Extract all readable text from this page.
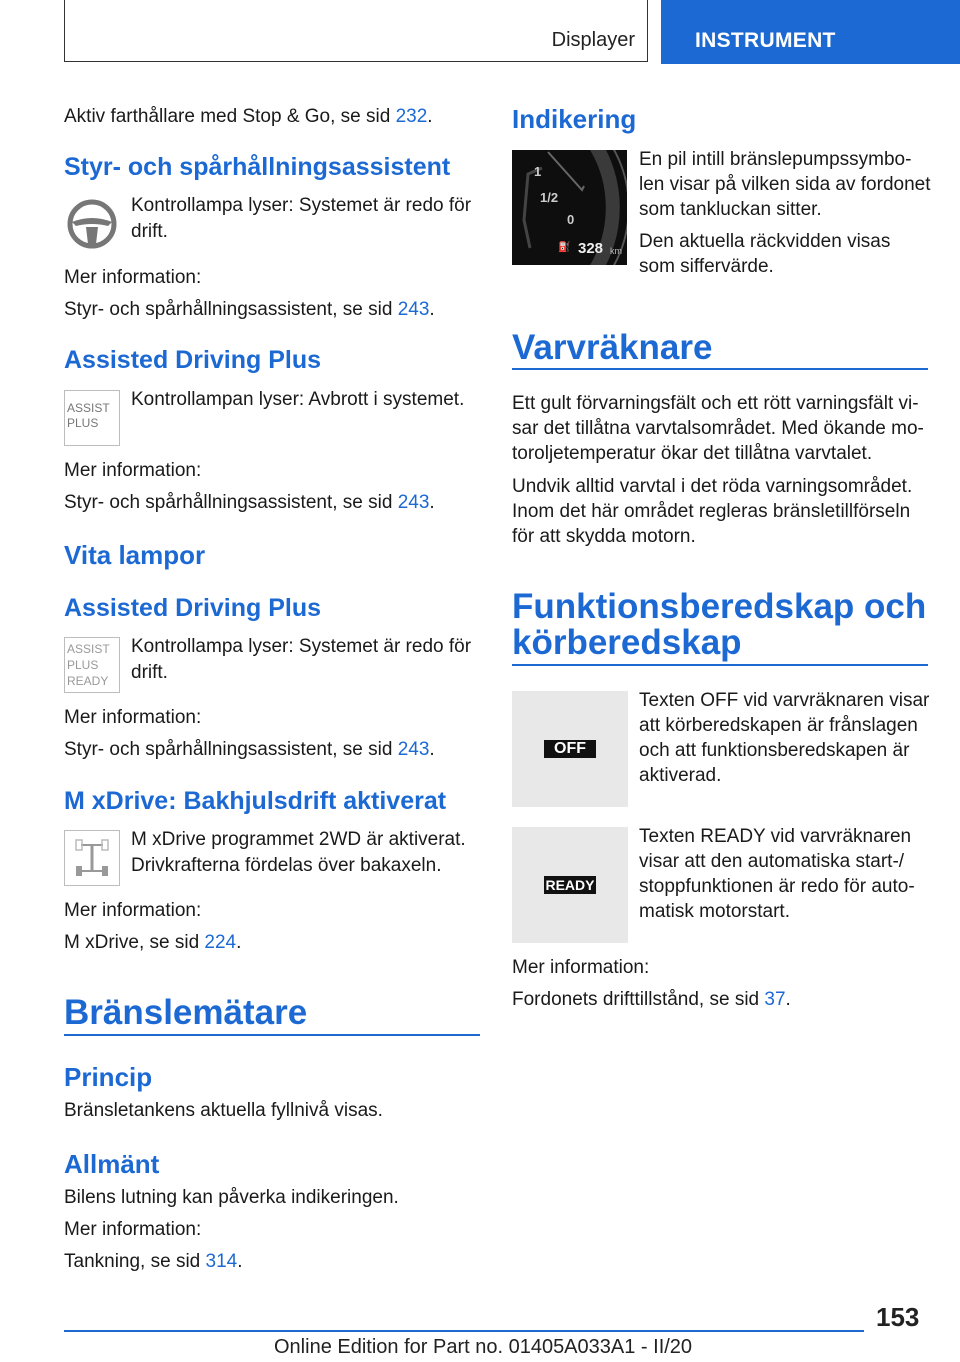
Displayer	INSTRUMENT
Aktiv farthållare med Stop & Go, se sid 232.
Styr- och spårhållningsassistent
Kontrollampa lyser: Systemet är redo för
drift.
Mer information:
Styr- och spårhållningsassistent, se sid 243.
Assisted Driving Plus
ASSIST
PLUS
Kontrollampan lyser: Avbrott i systemet.
Mer information:
Styr- och spårhållningsassistent, se sid 243.
Vita lampor
Assisted Driving Plus
ASSIST
PLUS
READY
Kontrollampa lyser: Systemet är redo för
drift.
Mer information:
Styr- och spårhållningsassistent, se sid 243.
M xDrive: Bakhjulsdrift aktiverat
M xDrive programmet 2WD är aktiverat.
Drivkrafterna fördelas över bakaxeln.
Mer information:
M xDrive, se sid 224.
Bränslemätare
Princip
Bränsletankens aktuella fyllnivå visas.
Allmänt
Bilens lutning kan påverka indikeringen.
Mer information:
Tankning, se sid 314.
Indikering
1
1/2
0
⛽ 328 km
En pil intill bränslepumpssymbo-
len visar på vilken sida av fordonet
som tankluckan sitter.
Den aktuella räckvidden visas
som siffervärde.
Varvräknare
Ett gult förvarningsfält och ett rött varningsfält vi-
sar det tillåtna varvtalsområdet. Med ökande mo-
toroljetemperatur ökar det tillåtna varvtalet.
Undvik alltid varvtal i det röda varningsområdet.
Inom det här området regleras bränsletillförseln
för att skydda motorn.
Funktionsberedskap och
körberedskap
OFF
Texten OFF vid varvräknaren visar
att körberedskapen är frånslagen
och att funktionsberedskapen är
aktiverad.
READY
Texten READY vid varvräknaren
visar att den automatiska start-/
stoppfunktionen är redo för auto-
matisk motorstart.
Mer information:
Fordonets drifttillstånd, se sid 37.
153
Online Edition for Part no. 01405A033A1 - II/20
